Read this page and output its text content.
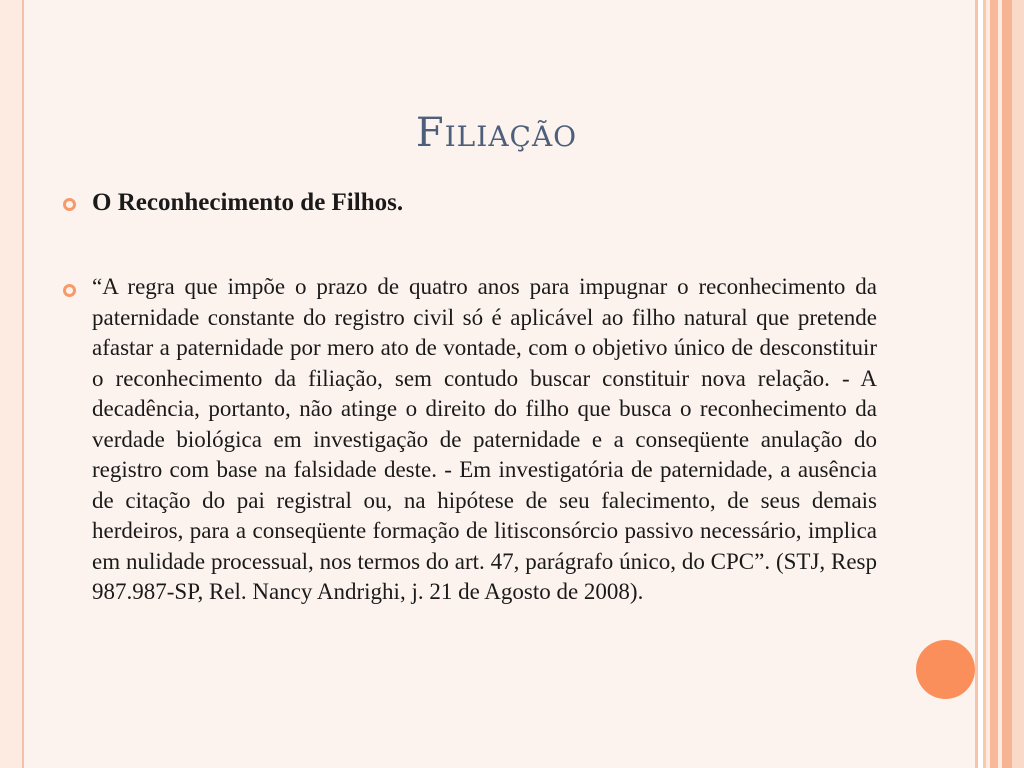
Filiação

O Reconhecimento de Filhos.

“A regra que impõe o prazo de quatro anos para impugnar o reconhecimento da paternidade constante do registro civil só é aplicável ao filho natural que pretende afastar a paternidade por mero ato de vontade, com o objetivo único de desconstituir o reconhecimento da filiação, sem contudo buscar constituir nova relação. - A decadência, portanto, não atinge o direito do filho que busca o reconhecimento da verdade biológica em investigação de paternidade e a conseqüente anulação do registro com base na falsidade deste. - Em investigatória de paternidade, a ausência de citação do pai registral ou, na hipótese de seu falecimento, de seus demais herdeiros, para a conseqüente formação de litisconsórcio passivo necessário, implica em nulidade processual, nos termos do art. 47, parágrafo único, do CPC”. (STJ, Resp 987.987-SP, Rel. Nancy Andrighi, j. 21 de Agosto de 2008).
